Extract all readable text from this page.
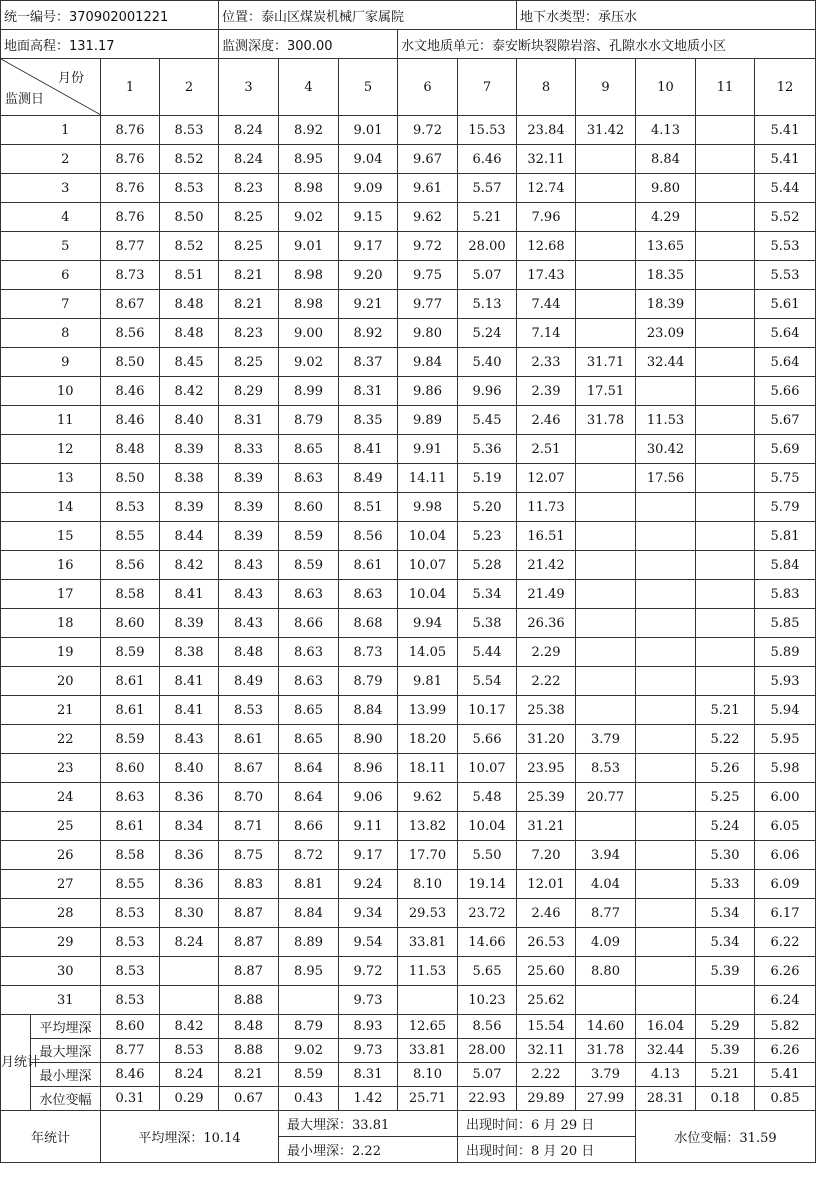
统一编号：370902001221				位置：泰山区煤炭机械厂家属院					地下水类型：承压水				
地面高程：131.17				监测深度：300.00			水文地质单元：泰安断块裂隙岩溶、孔隙水水文地质小区						

月份
监测日		1	2	3	4	5	6	7	8	9	10	11	12
	1	8.76	8.53	8.24	8.92	9.01	9.72	15.53	23.84	31.42	4.13		5.41
	2	8.76	8.52	8.24	8.95	9.04	9.67	6.46	32.11		8.84		5.41
	3	8.76	8.53	8.23	8.98	9.09	9.61	5.57	12.74		9.80		5.44
	4	8.76	8.50	8.25	9.02	9.15	9.62	5.21	7.96		4.29		5.52
	5	8.77	8.52	8.25	9.01	9.17	9.72	28.00	12.68		13.65		5.53
	6	8.73	8.51	8.21	8.98	9.20	9.75	5.07	17.43		18.35		5.53
	7	8.67	8.48	8.21	8.98	9.21	9.77	5.13	7.44		18.39		5.61
	8	8.56	8.48	8.23	9.00	8.92	9.80	5.24	7.14		23.09		5.64
	9	8.50	8.45	8.25	9.02	8.37	9.84	5.40	2.33	31.71	32.44		5.64
	10	8.46	8.42	8.29	8.99	8.31	9.86	9.96	2.39	17.51			5.66
	11	8.46	8.40	8.31	8.79	8.35	9.89	5.45	2.46	31.78	11.53		5.67
	12	8.48	8.39	8.33	8.65	8.41	9.91	5.36	2.51		30.42		5.69
	13	8.50	8.38	8.39	8.63	8.49	14.11	5.19	12.07		17.56		5.75
	14	8.53	8.39	8.39	8.60	8.51	9.98	5.20	11.73				5.79
	15	8.55	8.44	8.39	8.59	8.56	10.04	5.23	16.51				5.81
	16	8.56	8.42	8.43	8.59	8.61	10.07	5.28	21.42				5.84
	17	8.58	8.41	8.43	8.63	8.63	10.04	5.34	21.49				5.83
	18	8.60	8.39	8.43	8.66	8.68	9.94	5.38	26.36				5.85
	19	8.59	8.38	8.48	8.63	8.73	14.05	5.44	2.29				5.89
	20	8.61	8.41	8.49	8.63	8.79	9.81	5.54	2.22				5.93
	21	8.61	8.41	8.53	8.65	8.84	13.99	10.17	25.38			5.21	5.94
	22	8.59	8.43	8.61	8.65	8.90	18.20	5.66	31.20	3.79		5.22	5.95
	23	8.60	8.40	8.67	8.64	8.96	18.11	10.07	23.95	8.53		5.26	5.98
	24	8.63	8.36	8.70	8.64	9.06	9.62	5.48	25.39	20.77		5.25	6.00
	25	8.61	8.34	8.71	8.66	9.11	13.82	10.04	31.21			5.24	6.05
	26	8.58	8.36	8.75	8.72	9.17	17.70	5.50	7.20	3.94		5.30	6.06
	27	8.55	8.36	8.83	8.81	9.24	8.10	19.14	12.01	4.04		5.33	6.09
	28	8.53	8.30	8.87	8.84	9.34	29.53	23.72	2.46	8.77		5.34	6.17
	29	8.53	8.24	8.87	8.89	9.54	33.81	14.66	26.53	4.09		5.34	6.22
	30	8.53		8.87	8.95	9.72	11.53	5.65	25.60	8.80		5.39	6.26
	31	8.53		8.88		9.73		10.23	25.62				6.24
月统计	平均埋深	8.60	8.42	8.48	8.79	8.93	12.65	8.56	15.54	14.60	16.04	5.29	5.82
	最大埋深	8.77	8.53	8.88	9.02	9.73	33.81	28.00	32.11	31.78	32.44	5.39	6.26
	最小埋深	8.46	8.24	8.21	8.59	8.31	8.10	5.07	2.22	3.79	4.13	5.21	5.41
	水位变幅	0.31	0.29	0.67	0.43	1.42	25.71	22.93	29.89	27.99	28.31	0.18	0.85
年统计		平均埋深：10.14			最大埋深：33.81			出现时间：6 月 29 日			水位变幅：31.59		
					最小埋深：2.22			出现时间：8 月 20 日					
